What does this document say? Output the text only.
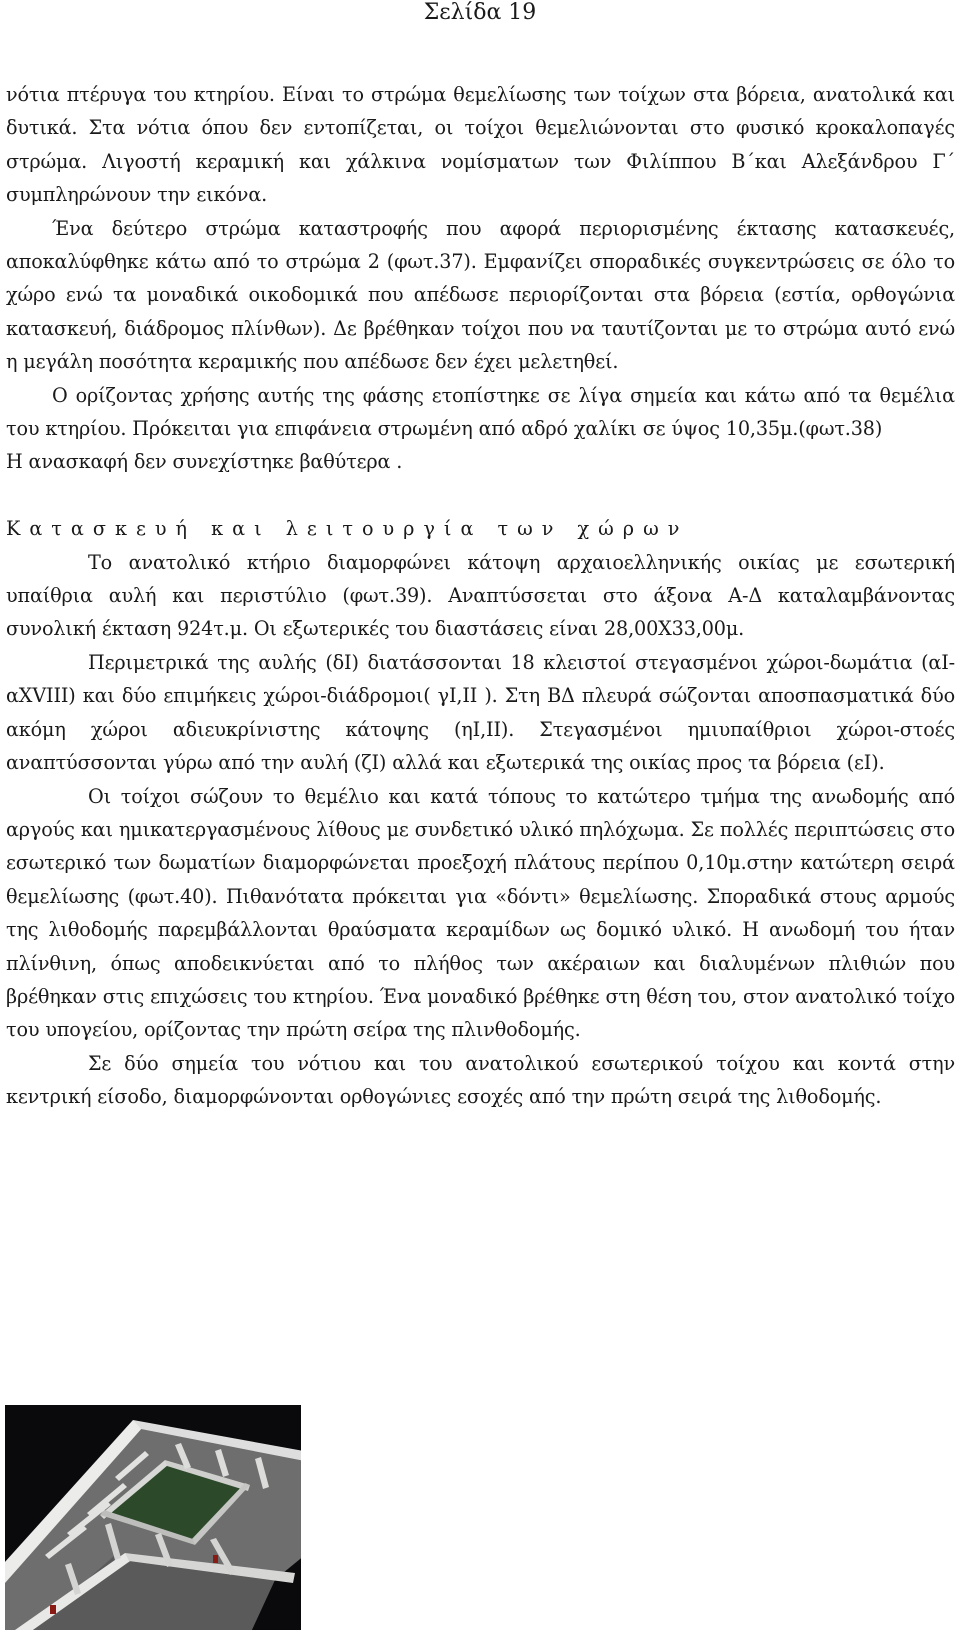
Σελίδα 19

νότια πτέρυγα του κτηρίου. Είναι το στρώμα θεμελίωσης των τοίχων στα βόρεια, ανατολικά και δυτικά. Στα νότια όπου δεν εντοπίζεται, οι τοίχοι θεμελιώνονται στο φυσικό κροκαλοπαγές στρώμα. Λιγοστή κεραμική και χάλκινα νομίσματων των Φιλίππου Β΄και Αλεξάνδρου Γ΄ συμπληρώνουν την εικόνα.

Ένα δεύτερο στρώμα καταστροφής που αφορά περιορισμένης έκτασης κατασκευές, αποκαλύφθηκε κάτω από το στρώμα 2 (φωτ.37). Εμφανίζει σποραδικές συγκεντρώσεις σε όλο το χώρο ενώ τα μοναδικά οικοδομικά που απέδωσε περιορίζονται στα βόρεια (εστία, ορθογώνια κατασκευή, διάδρομος πλίνθων). Δε βρέθηκαν τοίχοι που να ταυτίζονται με το στρώμα αυτό ενώ η μεγάλη ποσότητα κεραμικής που απέδωσε δεν έχει μελετηθεί.

Ο ορίζοντας χρήσης αυτής της φάσης ετοπίστηκε σε λίγα σημεία και κάτω από τα θεμέλια του κτηρίου. Πρόκειται για επιφάνεια στρωμένη από αδρό χαλίκι σε ύψος 10,35μ.(φωτ.38)

Η ανασκαφή δεν συνεχίστηκε βαθύτερα .

Κατασκευή και λειτουργία των χώρων

Το ανατολικό κτήριο διαμορφώνει κάτοψη αρχαιοελληνικής οικίας με εσωτερική υπαίθρια αυλή και περιστύλιο (φωτ.39). Αναπτύσσεται στο άξονα Α-Δ καταλαμβάνοντας συνολική έκταση 924τ.μ. Οι εξωτερικές του διαστάσεις είναι 28,00Χ33,00μ.

Περιμετρικά της αυλής (δΙ) διατάσσονται 18 κλειστοί στεγασμένοι χώροι-δωμάτια (αΙ-αΧVIII) και δύο επιμήκεις χώροι-διάδρομοι( γΙ,ΙΙ ). Στη ΒΔ πλευρά σώζονται αποσπασματικά δύο ακόμη χώροι αδιευκρίνιστης κάτοψης (ηΙ,ΙΙ). Στεγασμένοι ημιυπαίθριοι χώροι-στοές αναπτύσσονται γύρω από την αυλή (ζΙ) αλλά και εξωτερικά της οικίας προς τα βόρεια (εΙ).

Οι τοίχοι σώζουν το θεμέλιο και κατά τόπους το κατώτερο τμήμα της ανωδομής από αργούς και ημικατεργασμένους λίθους με συνδετικό υλικό πηλόχωμα. Σε πολλές περιπτώσεις στο εσωτερικό των δωματίων διαμορφώνεται προεξοχή πλάτους περίπου 0,10μ.στην κατώτερη σειρά θεμελίωσης (φωτ.40). Πιθανότατα πρόκειται για «δόντι» θεμελίωσης. Σποραδικά στους αρμούς της λιθοδομής παρεμβάλλονται θραύσματα κεραμίδων ως δομικό υλικό. Η ανωδομή του ήταν πλίνθινη, όπως αποδεικνύεται από το πλήθος των ακέραιων και διαλυμένων πλιθιών που βρέθηκαν στις επιχώσεις του κτηρίου. Ένα μοναδικό βρέθηκε στη θέση του, στον ανατολικό τοίχο του υπογείου, ορίζοντας την πρώτη σείρα της πλινθοδομής.

Σε δύο σημεία του νότιου και του ανατολικού εσωτερικού τοίχου και κοντά στην κεντρική είσοδο, διαμορφώνονται ορθογώνιες εσοχές από την πρώτη σειρά της λιθοδομής.
